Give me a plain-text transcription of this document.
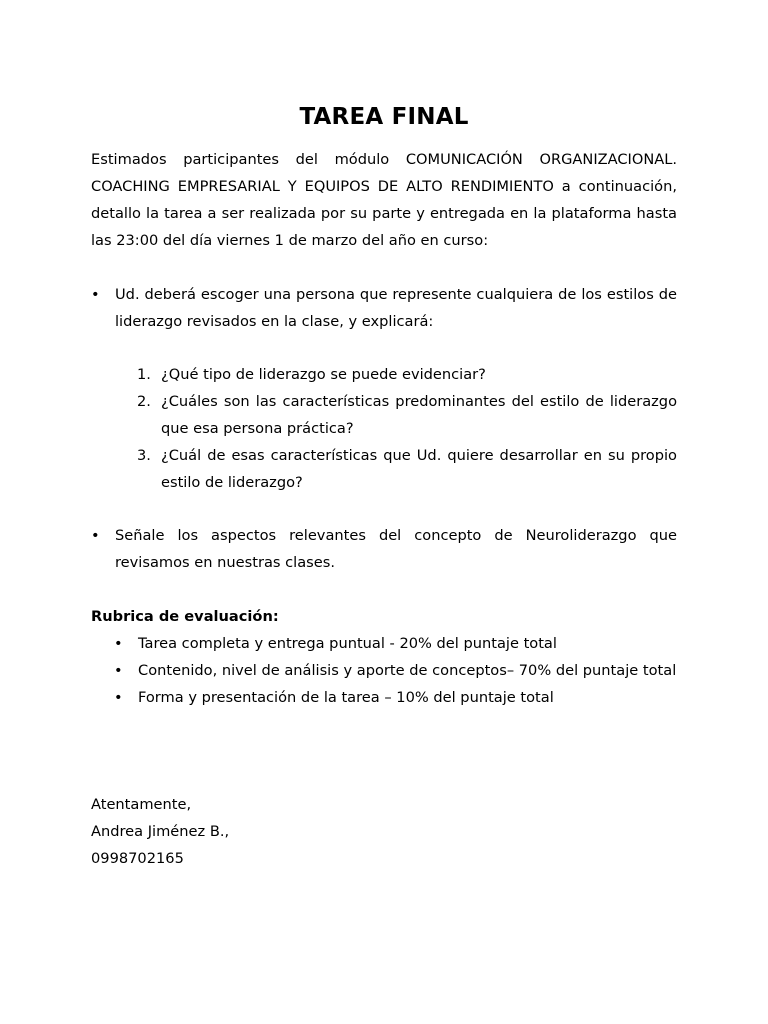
TAREA FINAL
Estimados participantes del módulo COMUNICACIÓN ORGANIZACIONAL. COACHING EMPRESARIAL Y EQUIPOS DE ALTO RENDIMIENTO a continuación, detallo la tarea a ser realizada por su parte y entregada en la plataforma hasta las 23:00 del día viernes 1 de marzo del año en curso:
•	Ud. deberá escoger una persona que represente cualquiera de los estilos de liderazgo revisados en la clase, y explicará:
1. ¿Qué tipo de liderazgo se puede evidenciar?
2. ¿Cuáles son las características predominantes del estilo de liderazgo que esa persona práctica?
3. ¿Cuál de esas características que Ud. quiere desarrollar en su propio estilo de liderazgo?
•	Señale los aspectos relevantes del concepto de Neuroliderazgo que revisamos en nuestras clases.
Rubrica de evaluación:
• Tarea completa y entrega puntual - 20% del puntaje total
• Contenido, nivel de análisis y aporte de conceptos– 70% del puntaje total
• Forma y presentación de la tarea – 10% del puntaje total
Atentamente,
Andrea Jiménez B.,
0998702165
